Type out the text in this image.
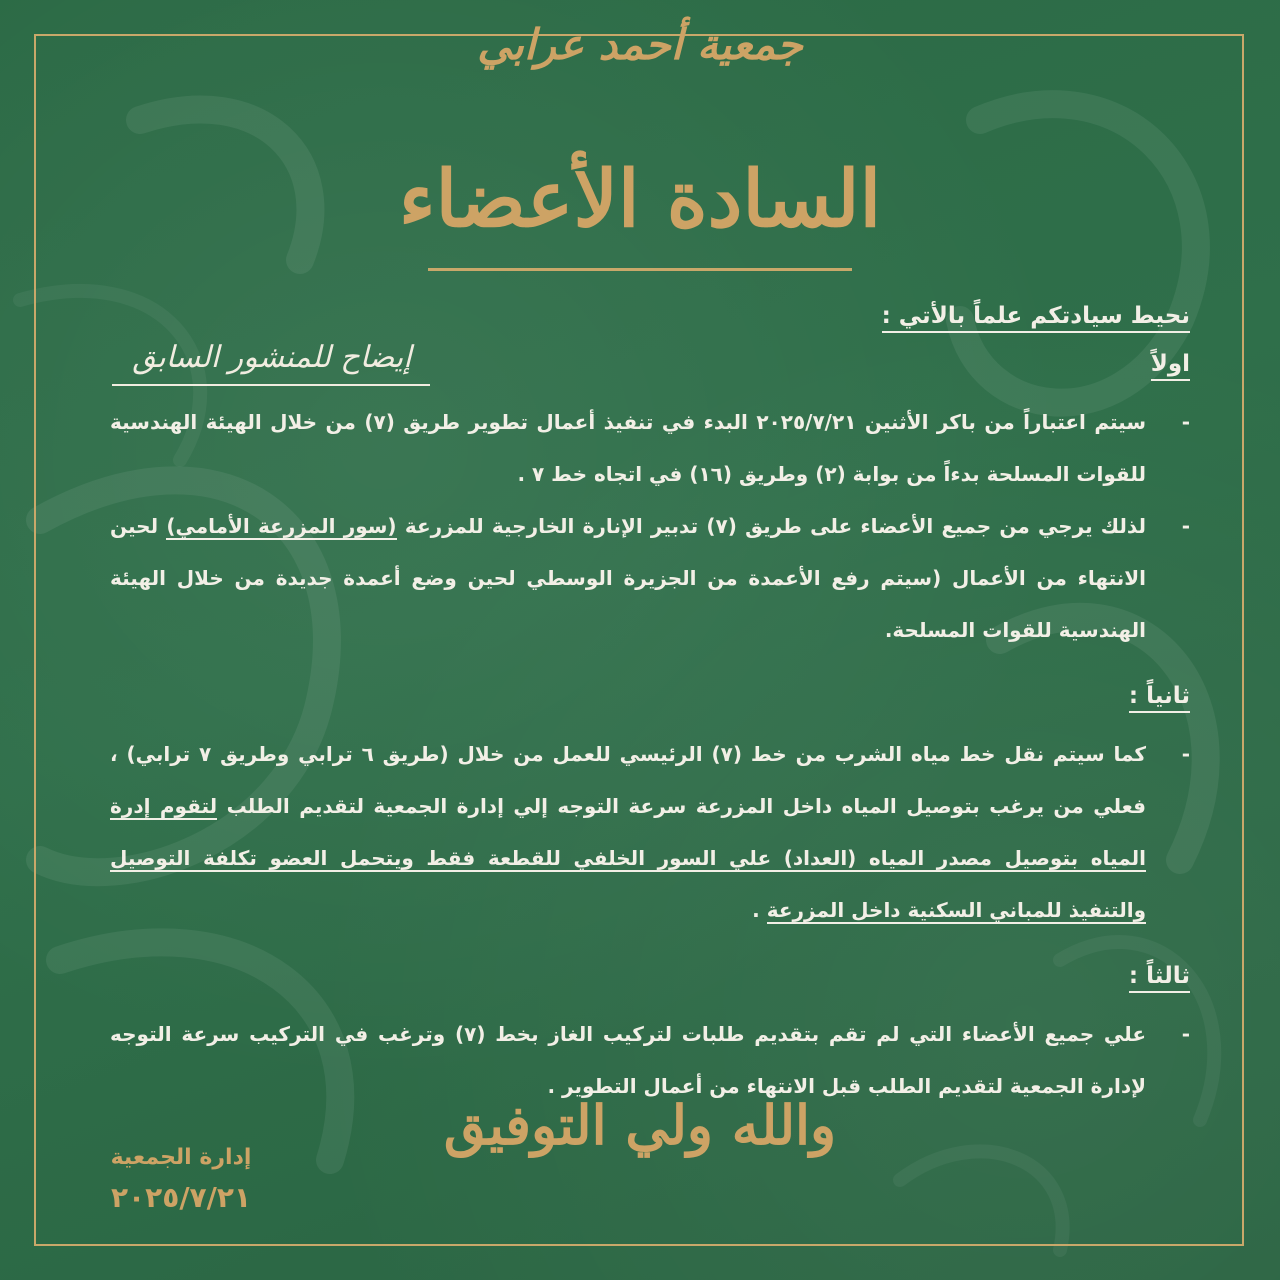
جمعية أحمد عرابي
السادة الأعضاء
إيضاح للمنشور السابق

نحيط سيادتكم علماً بالأتي :

اولاً

-
سيتم اعتباراً من باكر الأثنين ٢٠٢٥/٧/٢١ البدء في تنفيذ أعمال تطوير طريق (٧) من خلال الهيئة الهندسية للقوات المسلحة بدءاً من بوابة (٢) وطريق (١٦) في اتجاه خط ٧ .

-
لذلك يرجي من جميع الأعضاء على طريق (٧) تدبير الإنارة الخارجية للمزرعة (سور المزرعة الأمامي) لحين الانتهاء من الأعمال (سيتم رفع الأعمدة من الجزيرة الوسطي لحين وضع أعمدة جديدة من خلال الهيئة الهندسية للقوات المسلحة.

ثانياً :

-
كما سيتم نقل خط مياه الشرب من خط (٧) الرئيسي للعمل من خلال (طريق ٦ ترابي وطريق ٧ ترابي) ، فعلي من يرغب بتوصيل المياه داخل المزرعة سرعة التوجه إلي إدارة الجمعية لتقديم الطلب لتقوم إدرة المياه بتوصيل مصدر المياه (العداد) علي السور الخلفي للقطعة فقط ويتحمل العضو تكلفة التوصيل والتنفيذ للمباني السكنية داخل المزرعة .

ثالثاً :

-
علي جميع الأعضاء التي لم تقم بتقديم طلبات لتركيب الغاز بخط (٧) وترغب في التركيب سرعة التوجه لإدارة الجمعية لتقديم الطلب قبل الانتهاء من أعمال التطوير .

والله ولي التوفيق
إدارة الجمعية
٢٠٢٥/٧/٢١
